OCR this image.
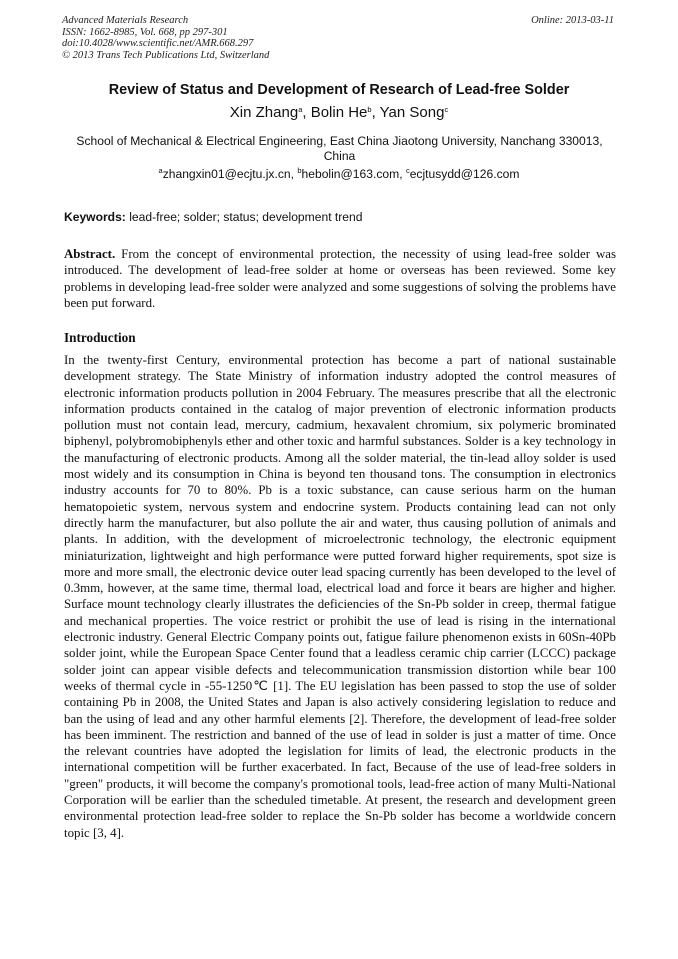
Advanced Materials Research
ISSN: 1662-8985, Vol. 668, pp 297-301
doi:10.4028/www.scientific.net/AMR.668.297
© 2013 Trans Tech Publications Ltd, Switzerland
Online: 2013-03-11
Review of Status and Development of Research of Lead-free Solder
Xin Zhang$^a$, Bolin He$^b$, Yan Song$^c$
School of Mechanical & Electrical Engineering, East China Jiaotong University, Nanchang 330013, China
$^a$zhangxin01@ecjtu.jx.cn, $^b$hebolin@163.com, $^c$ecjtusydd@126.com
Keywords: lead-free; solder; status; development trend
Abstract. From the concept of environmental protection, the necessity of using lead-free solder was introduced. The development of lead-free solder at home or overseas has been reviewed. Some key problems in developing lead-free solder were analyzed and some suggestions of solving the problems have been put forward.
Introduction
In the twenty-first Century, environmental protection has become a part of national sustainable development strategy. The State Ministry of information industry adopted the control measures of electronic information products pollution in 2004 February. The measures prescribe that all the electronic information products contained in the catalog of major prevention of electronic information products pollution must not contain lead, mercury, cadmium, hexavalent chromium, six polymeric brominated biphenyl, polybromobiphenyls ether and other toxic and harmful substances. Solder is a key technology in the manufacturing of electronic products. Among all the solder material, the tin-lead alloy solder is used most widely and its consumption in China is beyond ten thousand tons. The consumption in electronics industry accounts for 70 to 80%. Pb is a toxic substance, can cause serious harm on the human hematopoietic system, nervous system and endocrine system. Products containing lead can not only directly harm the manufacturer, but also pollute the air and water, thus causing pollution of animals and plants. In addition, with the development of microelectronic technology, the electronic equipment miniaturization, lightweight and high performance were putted forward higher requirements, spot size is more and more small, the electronic device outer lead spacing currently has been developed to the level of 0.3mm, however, at the same time, thermal load, electrical load and force it bears are higher and higher. Surface mount technology clearly illustrates the deficiencies of the Sn-Pb solder in creep, thermal fatigue and mechanical properties. The voice restrict or prohibit the use of lead is rising in the international electronic industry. General Electric Company points out, fatigue failure phenomenon exists in 60Sn-40Pb solder joint, while the European Space Center found that a leadless ceramic chip carrier (LCCC) package solder joint can appear visible defects and telecommunication transmission distortion while bear 100 weeks of thermal cycle in -55-1250℃ [1]. The EU legislation has been passed to stop the use of solder containing Pb in 2008, the United States and Japan is also actively considering legislation to reduce and ban the using of lead and any other harmful elements [2]. Therefore, the development of lead-free solder has been imminent. The restriction and banned of the use of lead in solder is just a matter of time. Once the relevant countries have adopted the legislation for limits of lead, the electronic products in the international competition will be further exacerbated. In fact, Because of the use of lead-free solders in "green" products, it will become the company's promotional tools, lead-free action of many Multi-National Corporation will be earlier than the scheduled timetable. At present, the research and development green environmental protection lead-free solder to replace the Sn-Pb solder has become a worldwide concern topic [3, 4].
